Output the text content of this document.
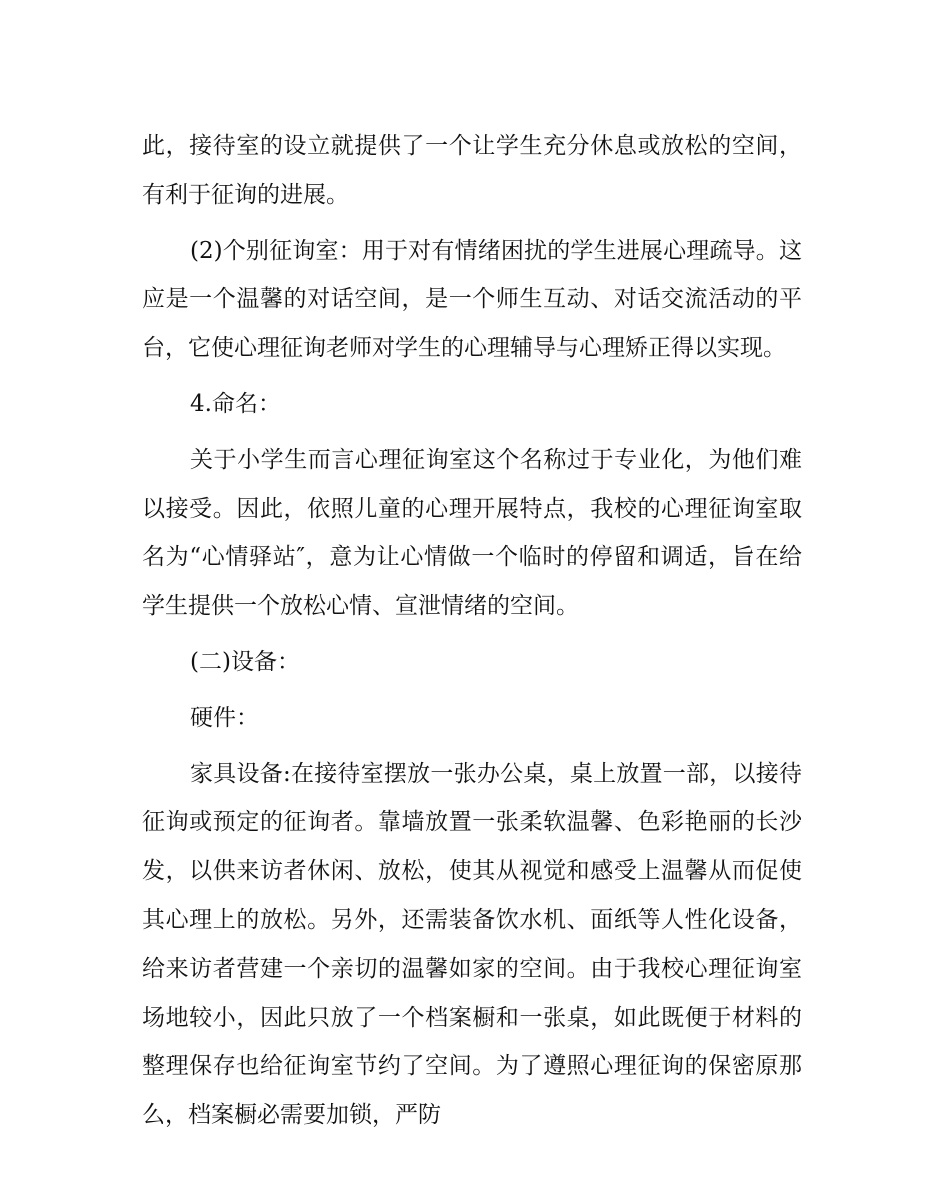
此，接待室的设立就提供了一个让学生充分休息或放松的空间，有利于征询的进展。

(2)个别征询室：用于对有情绪困扰的学生进展心理疏导。这应是一个温馨的对话空间，是一个师生互动、对话交流活动的平台，它使心理征询老师对学生的心理辅导与心理矫正得以实现。

4.命名：

关于小学生而言心理征询室这个名称过于专业化，为他们难以接受。因此，依照儿童的心理开展特点，我校的心理征询室取名为“心情驿站″，意为让心情做一个临时的停留和调适，旨在给学生提供一个放松心情、宣泄情绪的空间。

(二)设备：

硬件：

家具设备:在接待室摆放一张办公桌，桌上放置一部，以接待征询或预定的征询者。靠墙放置一张柔软温馨、色彩艳丽的长沙发，以供来访者休闲、放松，使其从视觉和感受上温馨从而促使其心理上的放松。另外，还需装备饮水机、面纸等人性化设备，给来访者营建一个亲切的温馨如家的空间。由于我校心理征询室场地较小，因此只放了一个档案橱和一张桌，如此既便于材料的整理保存也给征询室节约了空间。为了遵照心理征询的保密原那么，档案橱必需要加锁，严防
